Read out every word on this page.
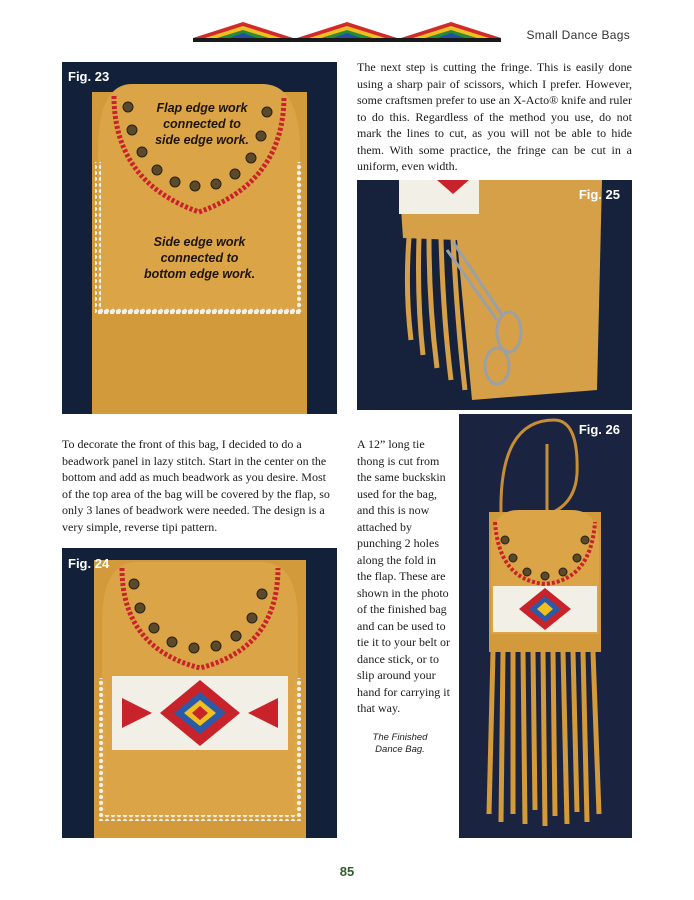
Small Dance Bags
Fig. 23
Flap edge work
connected to
side edge work.
Side edge work
connected to
bottom edge work.

The next step is cutting the fringe. This is easily done using a sharp pair of scissors, which I prefer. However, some craftsmen prefer to use an X-Acto® knife and ruler to do this. Regardless of the method you use, do not mark the lines to cut, as you will not be able to hide them. With some practice, the fringe can be cut in a uniform, even width.

Fig. 25

To decorate the front of this bag, I decided to do a beadwork panel in lazy stitch. Start in the center on the bottom and add as much beadwork as you desire. Most of the top area of the bag will be covered by the flap, so only 3 lanes of beadwork were needed. The design is a very simple, reverse tipi pattern.

Fig. 24

A 12” long tie thong is cut from the same buckskin used for the bag, and this is now attached by punching 2 holes along the fold in the flap. These are shown in the photo of the finished bag and can be used to tie it to your belt or dance stick, or to slip around your hand for carrying it that way.

The Finished
Dance Bag.
Fig. 26
85
